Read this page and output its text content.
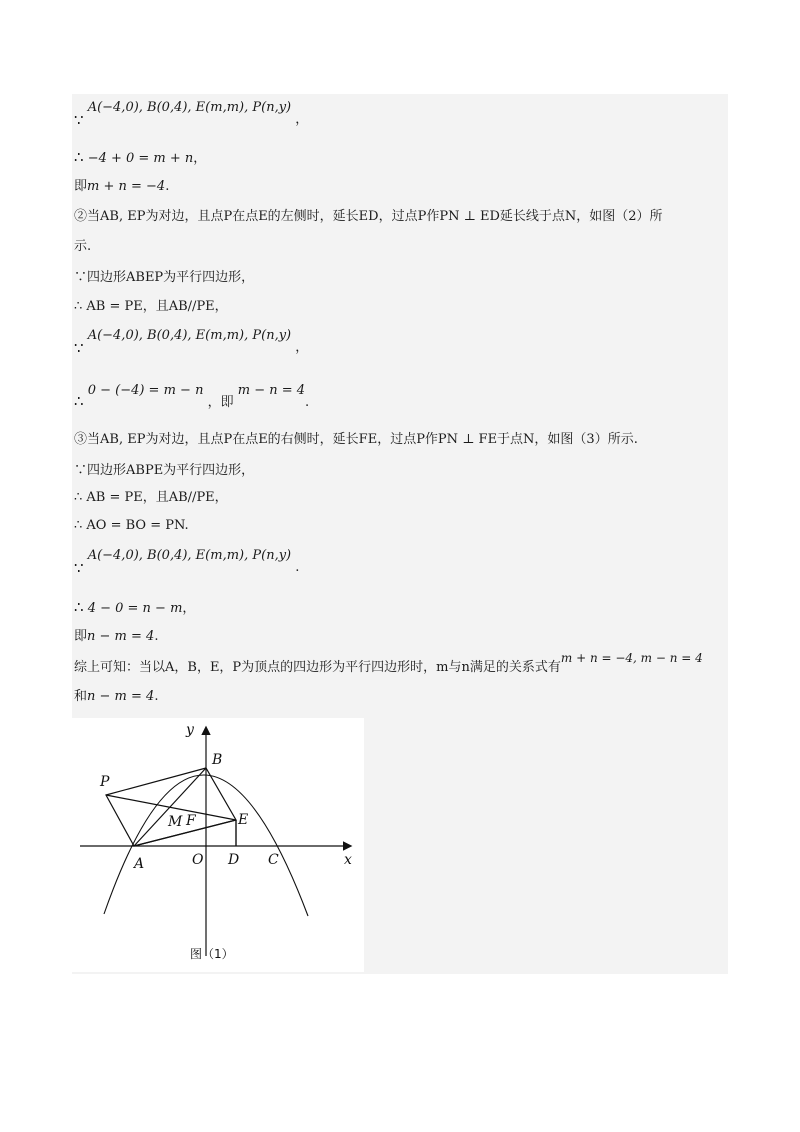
∵ A(−4,0), B(0,4), E(m,m), P(n,y) ，
∴ −4 + 0 = m + n，
即m + n = −4.
②当AB, EP为对边，且点P在点E的左侧时，延长ED，过点P作PN ⊥ ED延长线于点N，如图（2）所
示.
∵四边形ABEP为平行四边形，
∴ AB = PE，且AB//PE，
∵ A(−4,0), B(0,4), E(m,m), P(n,y) ，
∴ 0 − (−4) = m − n ，即 m − n = 4.
③当AB, EP为对边，且点P在点E的右侧时，延长FE，过点P作PN ⊥ FE于点N，如图（3）所示.
∵四边形ABPE为平行四边形，
∴ AB = PE，且AB//PE，
∴ AO = BO = PN.
∵ A(−4,0), B(0,4), E(m,m), P(n,y) .
∴ 4 − 0 = n − m，
即n − m = 4.
综上可知：当以A，B，E，P为顶点的四边形为平行四边形时，m与n满足的关系式有m + n = −4, m − n = 4
和n − m = 4.
y
x
B
P
M F	E
A	O D C
图（1）
